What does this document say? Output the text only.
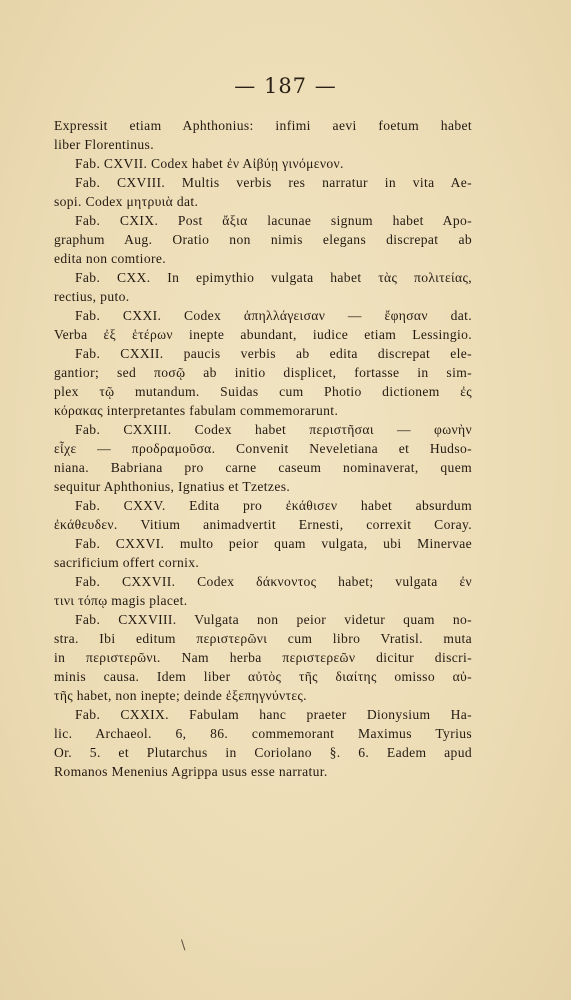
— 187 —
Expressit etiam Aphthonius: infimi aevi foetum habet
liber Florentinus.
Fab. CXVII. Codex habet ἐν Αἰβύῃ γινόμενον.
Fab. CXVIII. Multis verbis res narratur in vita Ae-
sopi. Codex μητρυιὰ dat.
Fab. CXIX. Post ἄξια lacunae signum habet Apo-
graphum Aug. Oratio non nimis elegans discrepat ab
edita non comtiore.
Fab. CXX. In epimythio vulgata habet τὰς πολιτείας,
rectius, puto.
Fab. CXXI. Codex ἀπηλλάγεισαν — ἔφησαν dat.
Verba ἐξ ἑτέρων inepte abundant, iudice etiam Lessingio.
Fab. CXXII. paucis verbis ab edita discrepat ele-
gantior; sed ποσῷ ab initio displicet, fortasse in sim-
plex τῷ mutandum. Suidas cum Photio dictionem ἐς
κόρακας interpretantes fabulam commemorarunt.
Fab. CXXIII. Codex habet περιστῆσαι — φωνὴν
εἶχε — προδραμοῦσα. Convenit Neveletiana et Hudso-
niana. Babriana pro carne caseum nominaverat, quem
sequitur Aphthonius, Ignatius et Tzetzes.
Fab. CXXV. Edita pro ἐκάθισεν habet absurdum
ἐκάθευδεν. Vitium animadvertit Ernesti, correxit Coray.
Fab. CXXVI. multo peior quam vulgata, ubi Minervae
sacrificium offert cornix.
Fab. CXXVII. Codex δάκνοντος habet; vulgata ἐν
τινι τόπῳ magis placet.
Fab. CXXVIII. Vulgata non peior videtur quam no-
stra. Ibi editum περιστερῶνι cum libro Vratisl. muta
in περιστερῶνι. Nam herba περιστερεῶν dicitur discri-
minis causa. Idem liber αὐτὸς τῆς διαίτης omisso αὐ-
τῆς habet, non inepte; deinde ἐξεπηγνύντες.
Fab. CXXIX. Fabulam hanc praeter Dionysium Ha-
lic. Archaeol. 6, 86. commemorant Maximus Tyrius
Or. 5. et Plutarchus in Coriolano §. 6. Eadem apud
Romanos Menenius Agrippa usus esse narratur.
\
